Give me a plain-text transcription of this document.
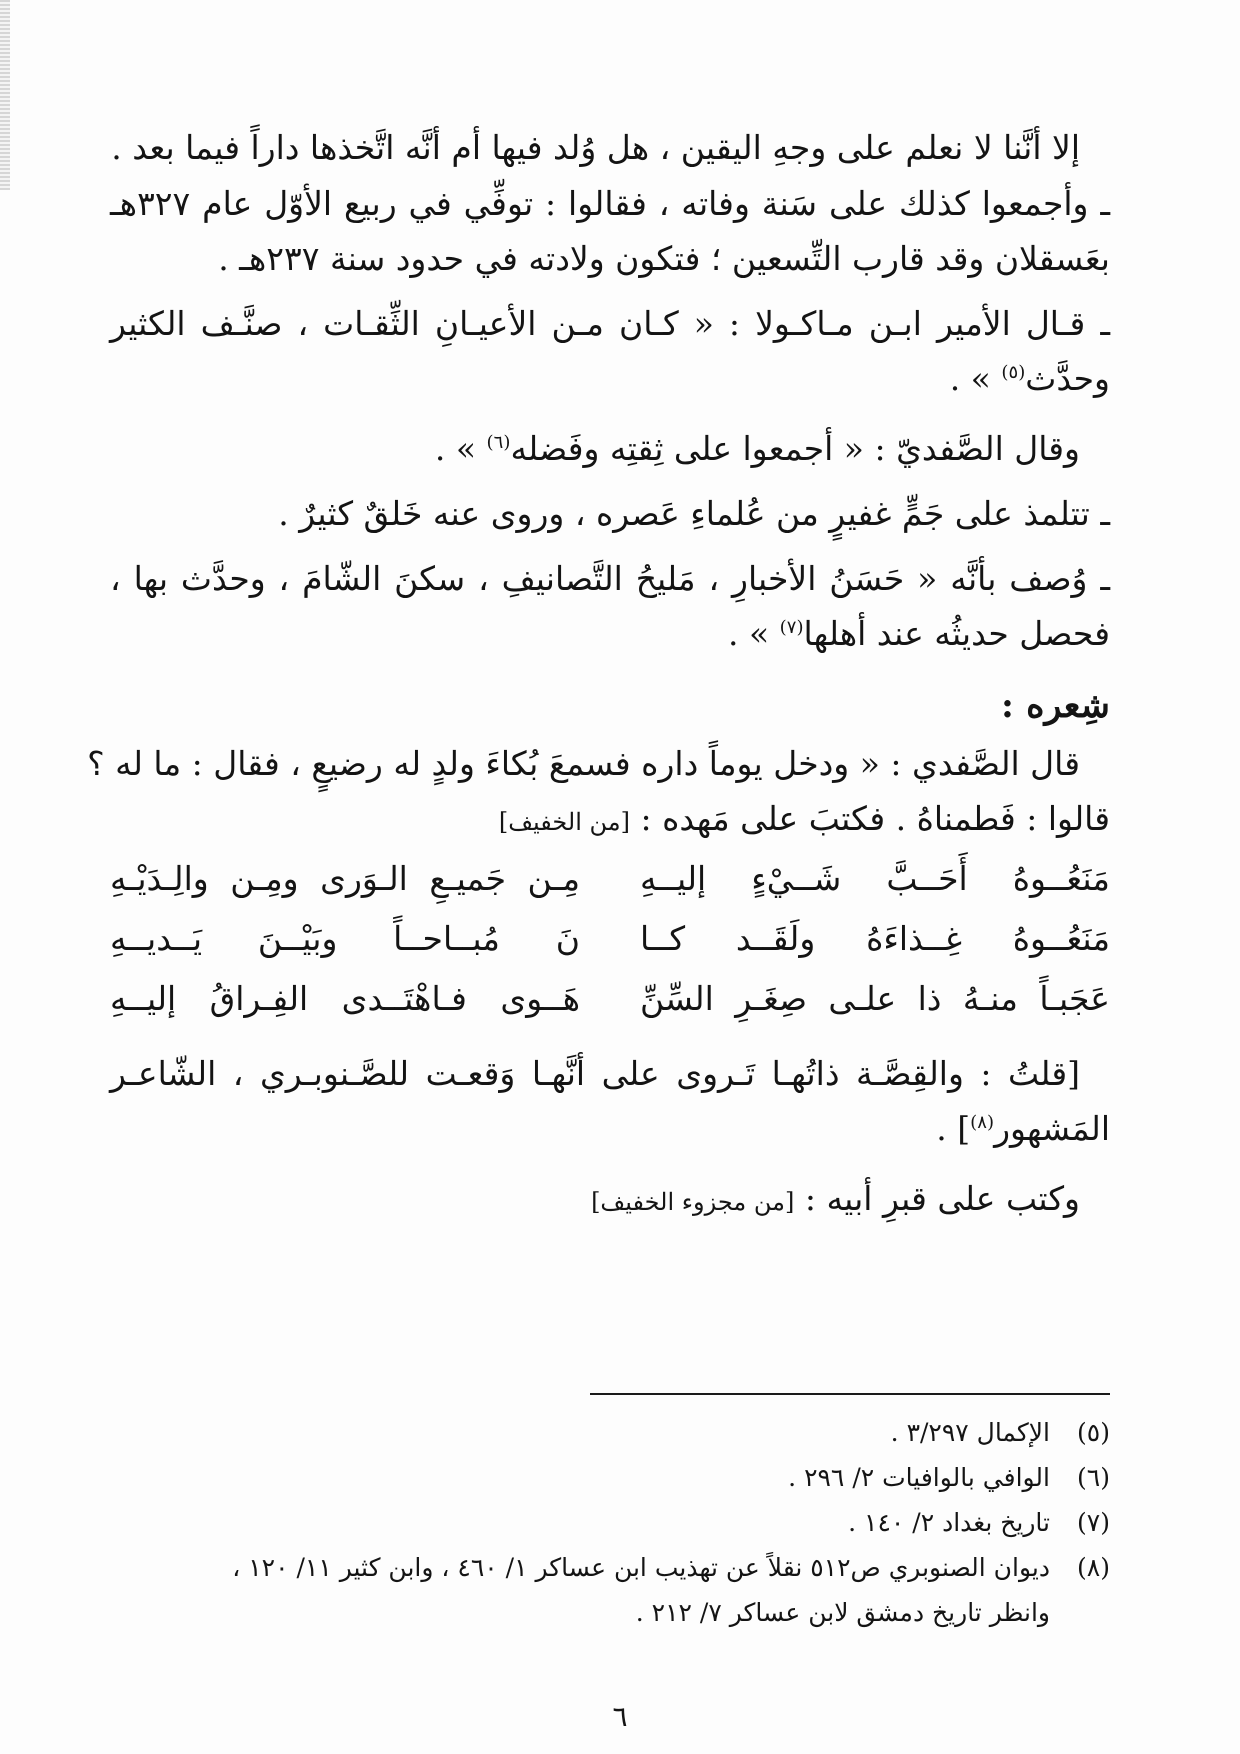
إلا أنَّنا لا نعلم على وجهِ اليقين ، هل وُلد فيها أم أنَّه اتَّخذها داراً فيما بعد .
ـ وأجمعوا كذلك على سَنة وفاته ، فقالوا : توفِّي في ربيع الأوّل عام ٣٢٧هـ
بعَسقلان وقد قارب التِّسعين ؛ فتكون ولادته في حدود سنة ٢٣٧هـ .
ـ قـال الأمير ابـن مـاكـولا : « كـان مـن الأعيـانِ الثِّقـات ، صنَّـف الكثير
وحدَّث$^{(٥)}$ » .
وقال الصَّفديّ : « أجمعوا على ثِقتِه وفَضله$^{(٦)}$ » .
ـ تتلمذ على جَمٍّ غفيرٍ من عُلماءِ عَصره ، وروى عنه خَلقٌ كثيرٌ .
ـ وُصف بأنَّه « حَسَنُ الأخبارِ ، مَليحُ التَّصانيفِ ، سكنَ الشّامَ ، وحدَّث بها ،
فحصل حديثُه عند أهلها$^{(٧)}$ » .
شِعره :
قال الصَّفدي : « ودخل يوماً داره فسمعَ بُكاءَ ولدٍ له رضيعٍ ، فقال : ما له ؟
قالوا : فَطمناهُ . فكتبَ على مَهده : [من الخفيف]
مَنَعُــوهُ أَحَــبَّ شَــيْءٍ إليــهِ
مِـن جَميـعِ الـوَرى ومِـن والِـدَيْـهِ
مَنَعُــوهُ غِــذاءَهُ ولَقَــد كــا
نَ مُبــاحــاً وبَيْــنَ يَــديــهِ
عَجَبـاً منـهُ ذا علـى صِغَـرِ السِّنِّ
هَــوى فـاهْتَــدى الفِـراقُ إليــهِ
[قلتُ : والقِصَّـة ذاتُهـا تَـروى على أنَّهـا وَقعـت للصَّـنوبـري ، الشّاعـر
المَشهور$^{(٨)}$] .
وكتب على قبرِ أبيه : [من مجزوء الخفيف]
(٥)الإكمال ٣/٢٩٧ .
(٦)الوافي بالوافيات ٢/ ٢٩٦ .
(٧)تاريخ بغداد ٢/ ١٤٠ .
(٨)ديوان الصنوبري ص٥١٢ نقلاً عن تهذيب ابن عساكر ١/ ٤٦٠ ، وابن كثير ١١/ ١٢٠ ،
وانظر تاريخ دمشق لابن عساكر ٧/ ٢١٢ .
٦
